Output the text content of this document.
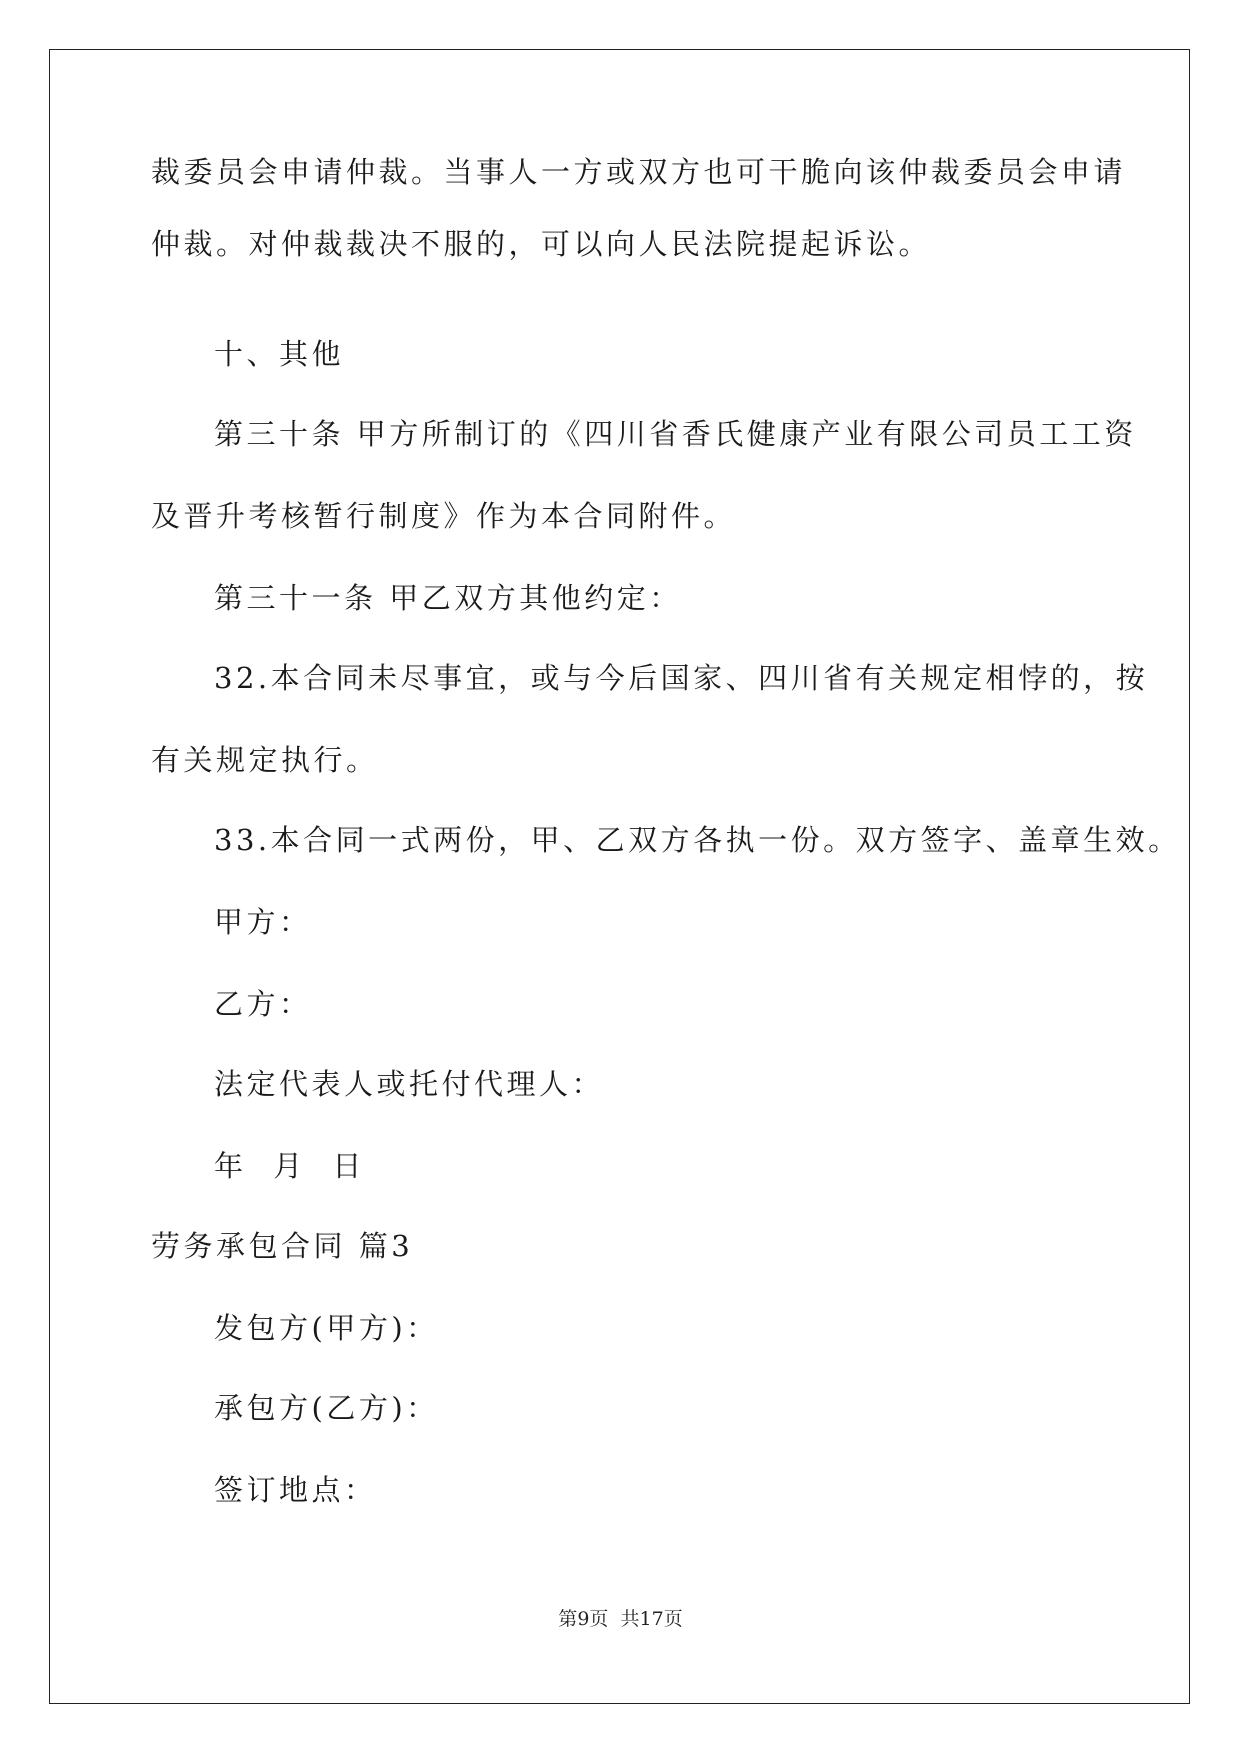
裁委员会申请仲裁。当事人一方或双方也可干脆向该仲裁委员会申请
仲裁。对仲裁裁决不服的，可以向人民法院提起诉讼。
十、其他
第三十条 甲方所制订的《四川省香氏健康产业有限公司员工工资
及晋升考核暂行制度》作为本合同附件。
第三十一条 甲乙双方其他约定：
32.本合同未尽事宜，或与今后国家、四川省有关规定相悖的，按
有关规定执行。
33.本合同一式两份，甲、乙双方各执一份。双方签字、盖章生效。
甲方：
乙方：
法定代表人或托付代理人：
年 月 日
劳务承包合同 篇3
发包方(甲方)：
承包方(乙方)：
签订地点：
第9页  共17页
